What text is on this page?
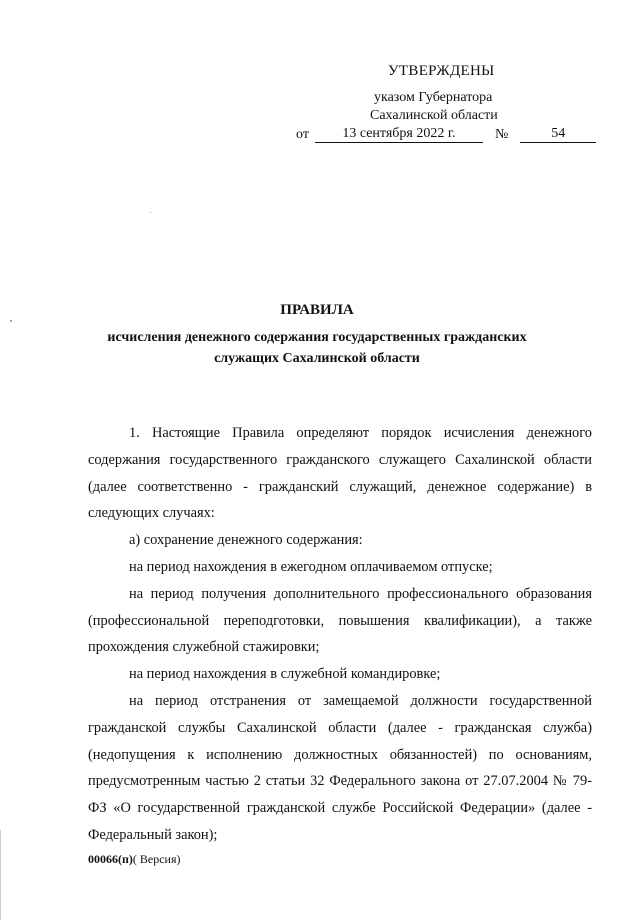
УТВЕРЖДЕНЫ
указом Губернатора
Сахалинской области
от	13 сентября 2022 г.	№	54
ПРАВИЛА
исчисления денежного содержания государственных гражданских служащих Сахалинской области

1. Настоящие Правила определяют порядок исчисления денежного содержания государственного гражданского служащего Сахалинской области (далее соответственно - гражданский служащий, денежное содержание) в следующих случаях:

а) сохранение денежного содержания:

на период нахождения в ежегодном оплачиваемом отпуске;

на период получения дополнительного профессионального образования (профессиональной переподготовки, повышения квалификации), а также прохождения служебной стажировки;

на период нахождения в служебной командировке;

на период отстранения от замещаемой должности государственной гражданской службы Сахалинской области (далее - гражданская служба) (недопущения к исполнению должностных обязанностей) по основаниям, предусмотренным частью 2 статьи 32 Федерального закона от 27.07.2004 № 79-ФЗ «О государственной гражданской службе Российской Федерации» (далее - Федеральный закон);

00066(п)( Версия)
